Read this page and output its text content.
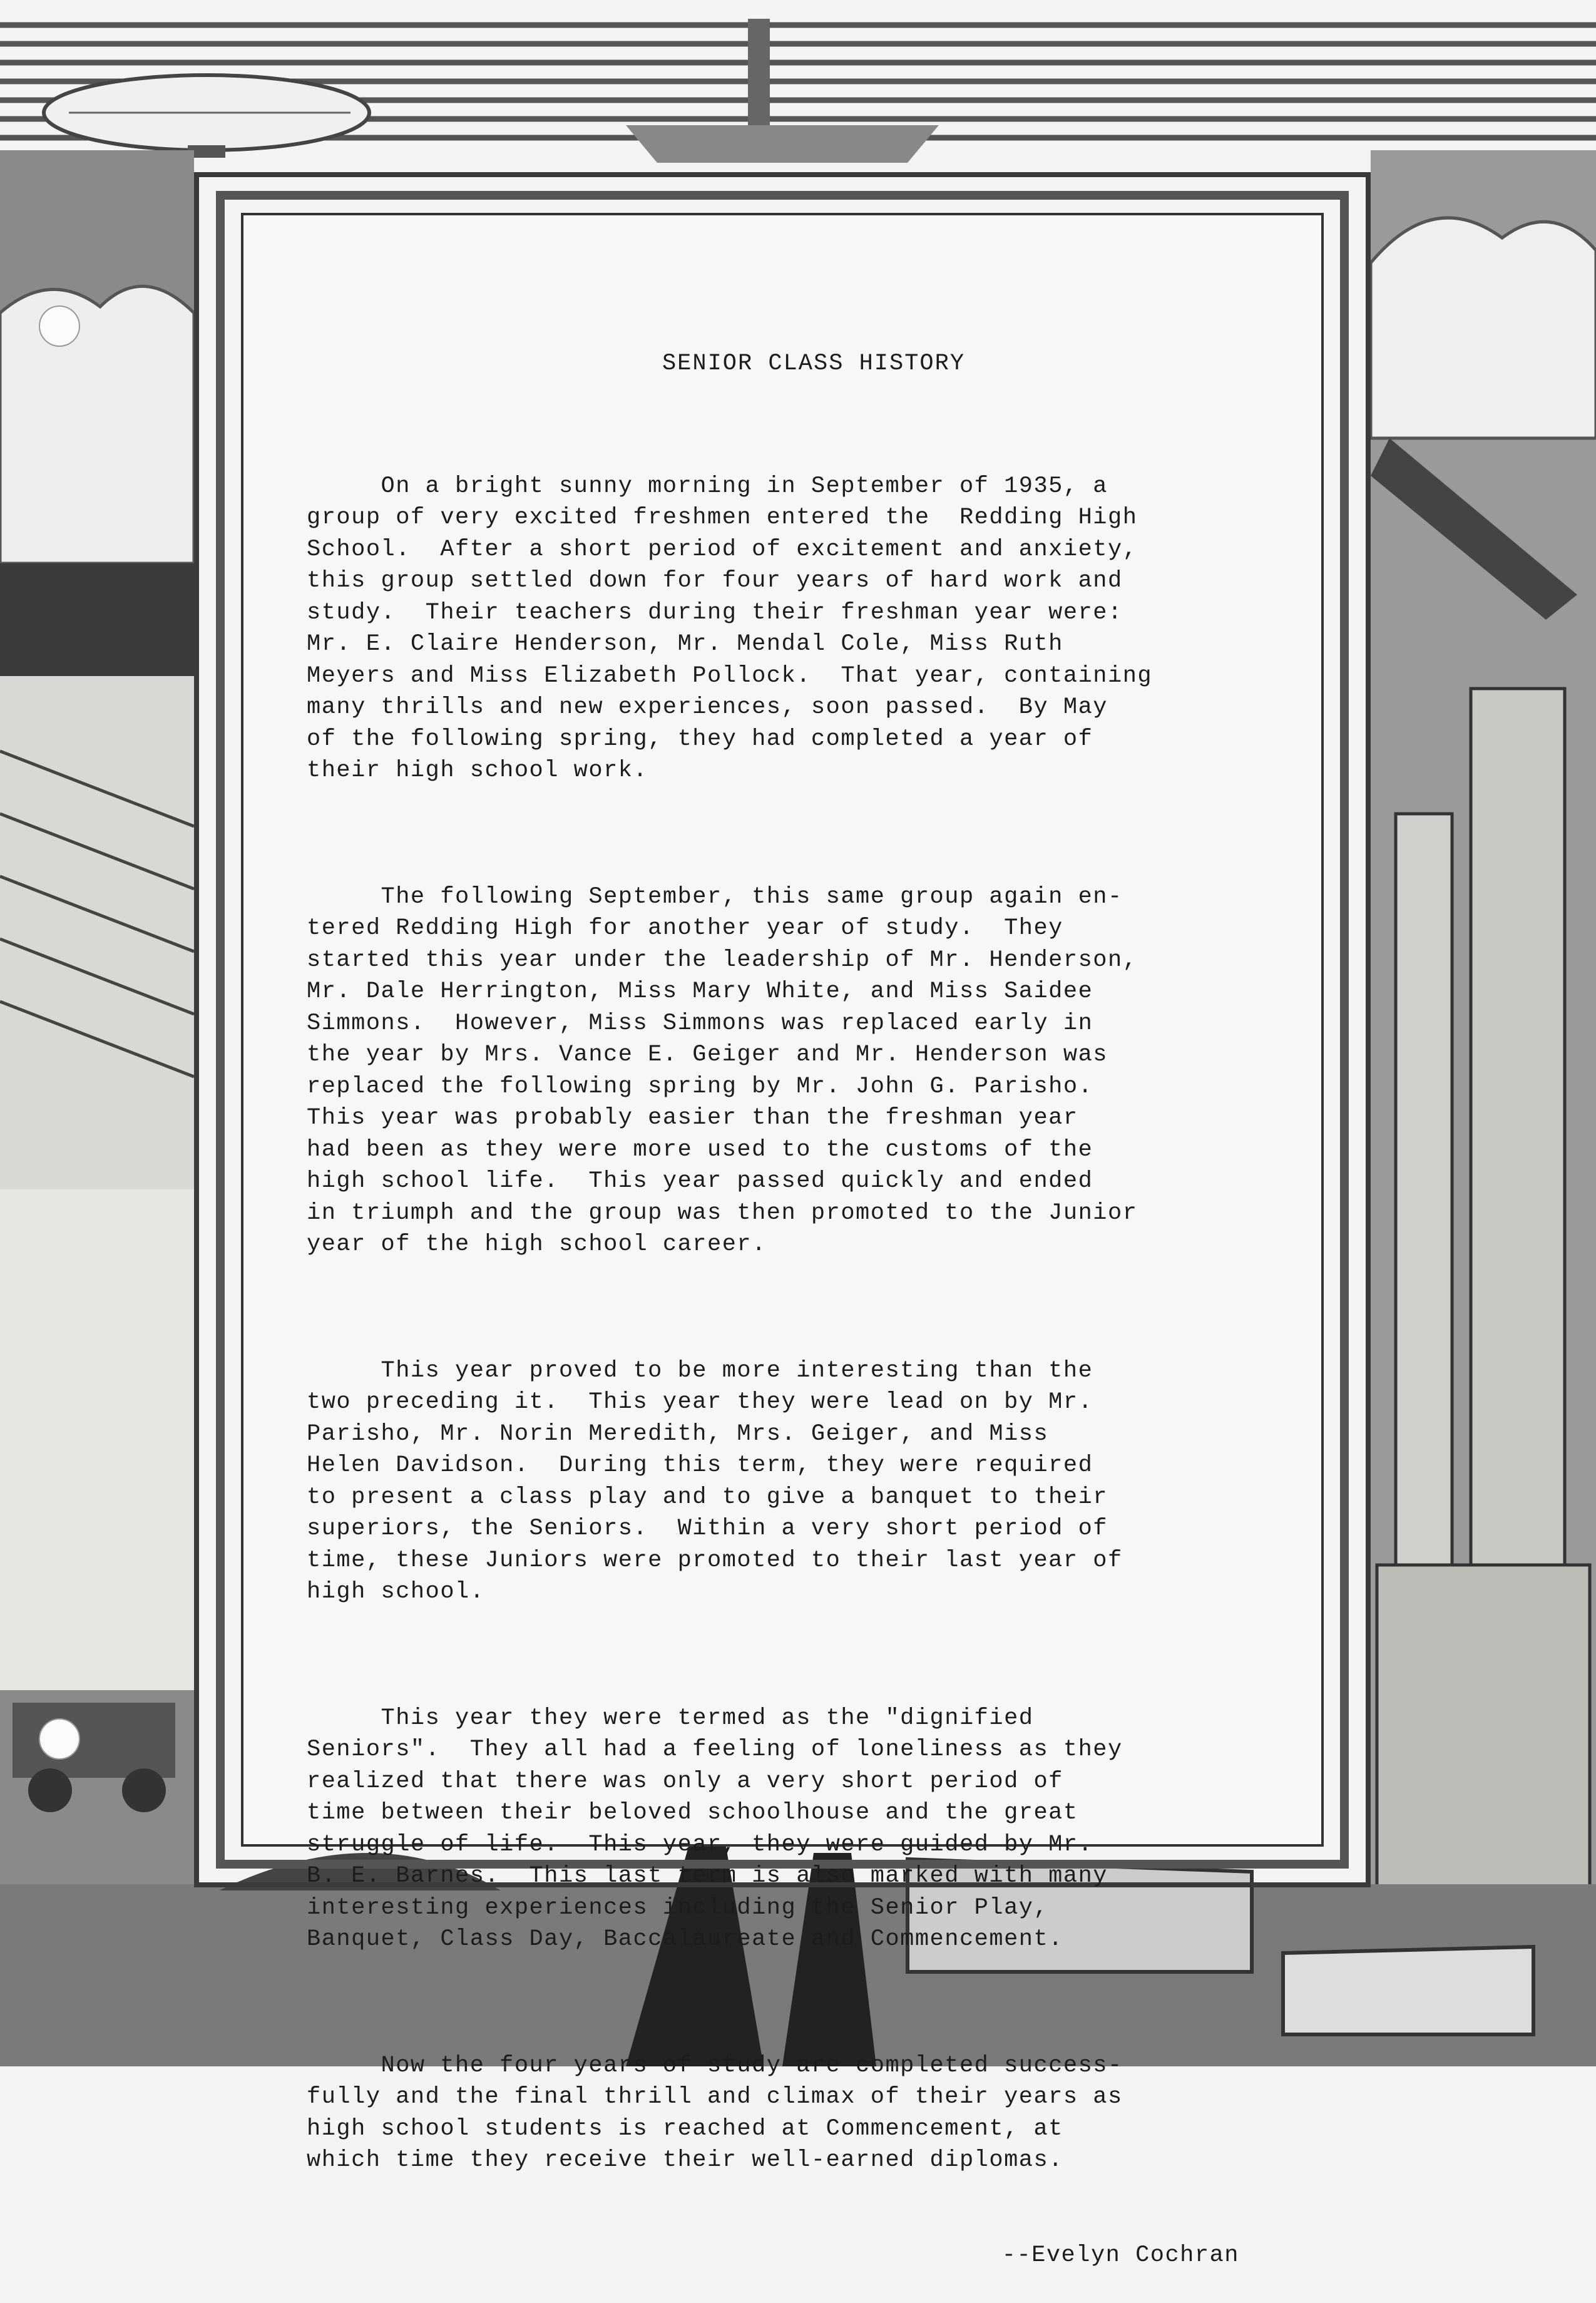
SENIOR CLASS HISTORY

On a bright sunny morning in September of 1935, a
group of very excited freshmen entered the  Redding High
School.  After a short period of excitement and anxiety,
this group settled down for four years of hard work and
study.  Their teachers during their freshman year were:
Mr. E. Claire Henderson, Mr. Mendal Cole, Miss Ruth
Meyers and Miss Elizabeth Pollock.  That year, containing
many thrills and new experiences, soon passed.  By May
of the following spring, they had completed a year of
their high school work.

The following September, this same group again en-
tered Redding High for another year of study.  They
started this year under the leadership of Mr. Henderson,
Mr. Dale Herrington, Miss Mary White, and Miss Saidee
Simmons.  However, Miss Simmons was replaced early in
the year by Mrs. Vance E. Geiger and Mr. Henderson was
replaced the following spring by Mr. John G. Parisho.
This year was probably easier than the freshman year
had been as they were more used to the customs of the
high school life.  This year passed quickly and ended
in triumph and the group was then promoted to the Junior
year of the high school career.

This year proved to be more interesting than the
two preceding it.  This year they were lead on by Mr.
Parisho, Mr. Norin Meredith, Mrs. Geiger, and Miss
Helen Davidson.  During this term, they were required
to present a class play and to give a banquet to their
superiors, the Seniors.  Within a very short period of
time, these Juniors were promoted to their last year of
high school.

This year they were termed as the "dignified
Seniors".  They all had a feeling of loneliness as they
realized that there was only a very short period of
time between their beloved schoolhouse and the great
struggle of life.  This year, they were guided by Mr.
B. E. Barnes.  This last term is also marked with many
interesting experiences including the Senior Play,
Banquet, Class Day, Baccalaureate and Commencement.

Now the four years of study are completed success-
fully and the final thrill and climax of their years as
high school students is reached at Commencement, at
which time they receive their well-earned diplomas.

--Evelyn Cochran
